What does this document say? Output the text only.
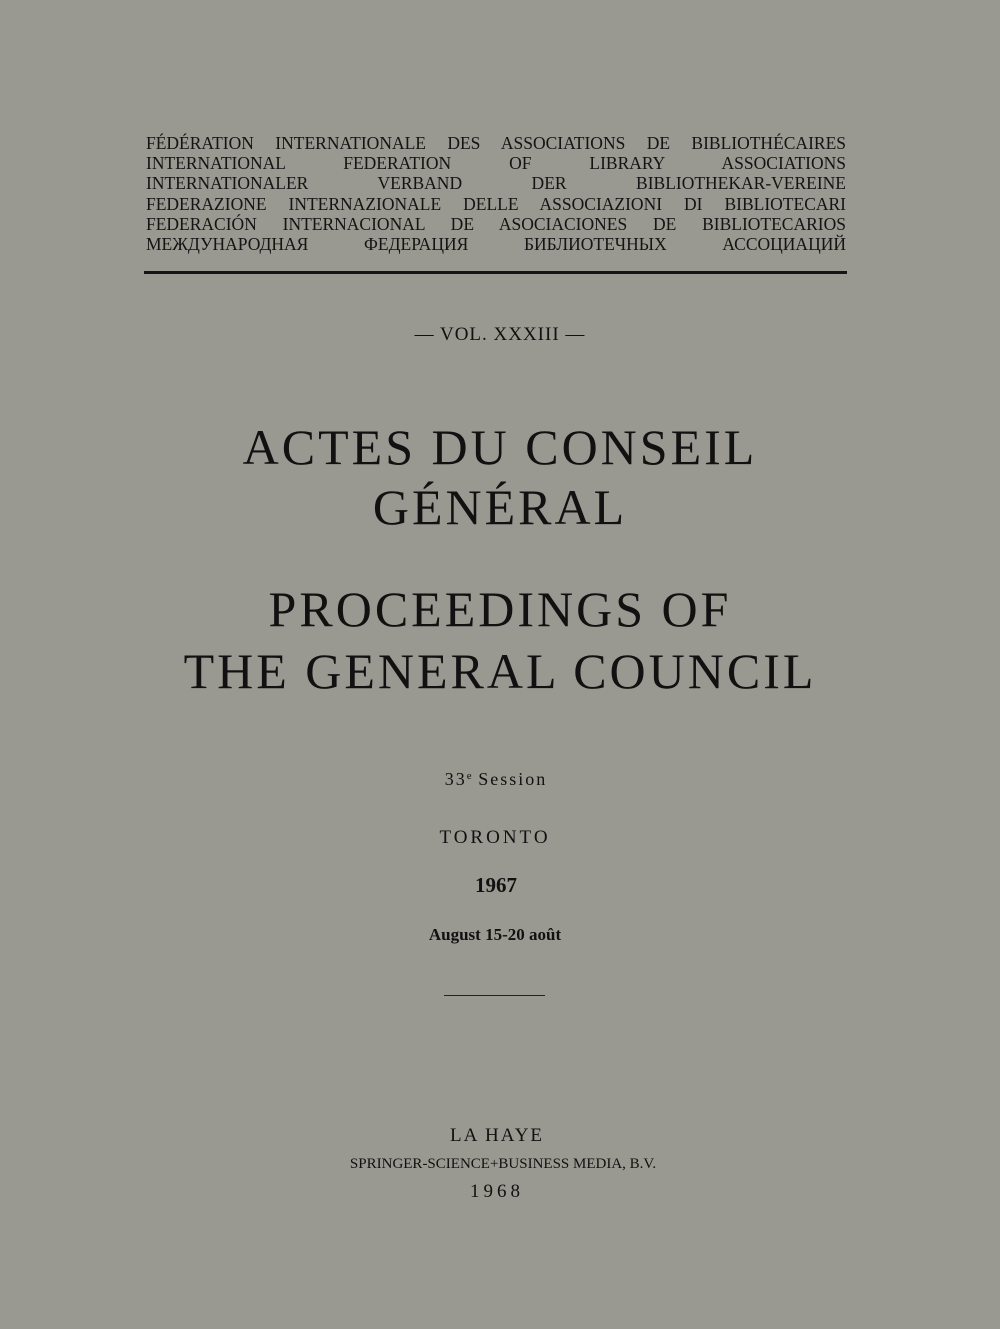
FÉDÉRATION INTERNATIONALE DES ASSOCIATIONS DE BIBLIOTHÉCAIRES
INTERNATIONAL FEDERATION OF LIBRARY ASSOCIATIONS
INTERNATIONALER VERBAND DER BIBLIOTHEKAR-VEREINE
FEDERAZIONE INTERNAZIONALE DELLE ASSOCIAZIONI DI BIBLIOTECARI
FEDERACIÓN INTERNACIONAL DE ASOCIACIONES DE BIBLIOTECARIOS
МЕЖДУНАРОДНАЯ ФЕДЕРАЦИЯ БИБЛИОТЕЧНЫХ АССОЦИАЦИЙ
— VOL. XXXIII —
ACTES DU CONSEIL
GÉNÉRAL
PROCEEDINGS OF
THE GENERAL COUNCIL
33e Session
TORONTO
1967
August 15-20 août
LA HAYE
SPRINGER-SCIENCE+BUSINESS MEDIA, B.V.
1968
